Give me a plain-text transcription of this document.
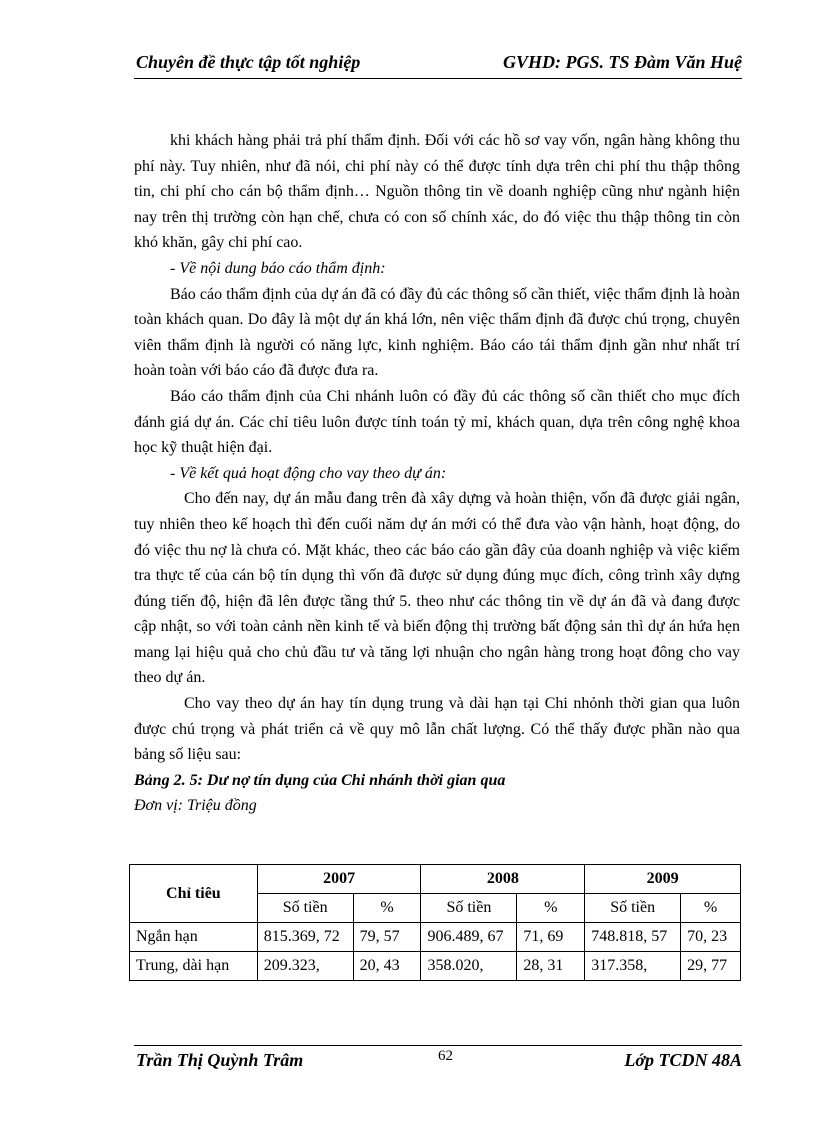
Chuyên đề thực tập tốt nghiệp	GVHD: PGS. TS Đàm Văn Huệ

khi khách hàng phải trả phí thẩm định. Đối với các hồ sơ vay vốn, ngân hàng không thu phí này. Tuy nhiên, như đã nói, chi phí này có thể được tính dựa trên chi phí thu thập thông tin, chi phí cho cán bộ thẩm định… Nguồn thông tin về doanh nghiệp cũng như ngành hiện nay trên thị trường còn hạn chế, chưa có con số chính xác, do đó việc thu thập thông tin còn khó khăn, gây chi phí cao.

- Về nội dung báo cáo thẩm định:

Báo cáo thẩm định của dự án đã có đầy đủ các thông số cần thiết, việc thẩm định là hoàn toàn khách quan. Do đây là một dự án khá lớn, nên việc thẩm định đã được chú trọng, chuyên viên thẩm định là người có năng lực, kinh nghiệm. Báo cáo tái thẩm định gần như nhất trí hoàn toàn với báo cáo đã được đưa ra.

Báo cáo thẩm định của Chi nhánh luôn có đầy đủ các thông số cần thiết cho mục đích đánh giá dự án. Các chỉ tiêu luôn được tính toán tỷ mỉ, khách quan, dựa trên công nghệ khoa học kỹ thuật hiện đại.

- Về kết quả hoạt động cho vay theo dự án:

Cho đến nay, dự án mẫu đang trên đà xây dựng và hoàn thiện, vốn đã được giải ngân, tuy nhiên theo kế hoạch thì đến cuối năm dự án mới có thể đưa vào vận hành, hoạt động, do đó việc thu nợ là chưa có. Mặt khác, theo các báo cáo gần đây của doanh nghiệp và việc kiểm tra thực tế của cán bộ tín dụng thì vốn đã được sử dụng đúng mục đích, công trình xây dựng đúng tiến độ, hiện đã lên được tầng thứ 5. theo như các thông tin về dự án đã và đang được cập nhật, so với toàn cảnh nền kinh tế và biến động thị trường bất động sản thì dự án hứa hẹn mang lại hiệu quả cho chủ đầu tư và tăng lợi nhuận cho ngân hàng trong hoạt đông cho vay theo dự án.

Cho vay theo dự án hay tín dụng trung và dài hạn tại Chi nhỏnh thời gian qua luôn được chú trọng và phát triển cả về quy mô lẫn chất lượng. Có thể thấy được phần nào qua bảng số liệu sau:

Bảng 2. 5: Dư nợ tín dụng của Chi nhánh thời gian qua

Đơn vị: Triệu đồng

Chỉ tiêu	2007		2008		2009	
	Số tiền	%	Số tiền	%	Số tiền	%
Ngắn hạn	815.369, 72	79, 57	906.489, 67	71, 69	748.818, 57	70, 23
Trung, dài hạn	209.323,	20, 43	358.020,	28, 31	317.358,	29, 77
Trần Thị Quỳnh Trâm	62	Lớp TCDN 48A
